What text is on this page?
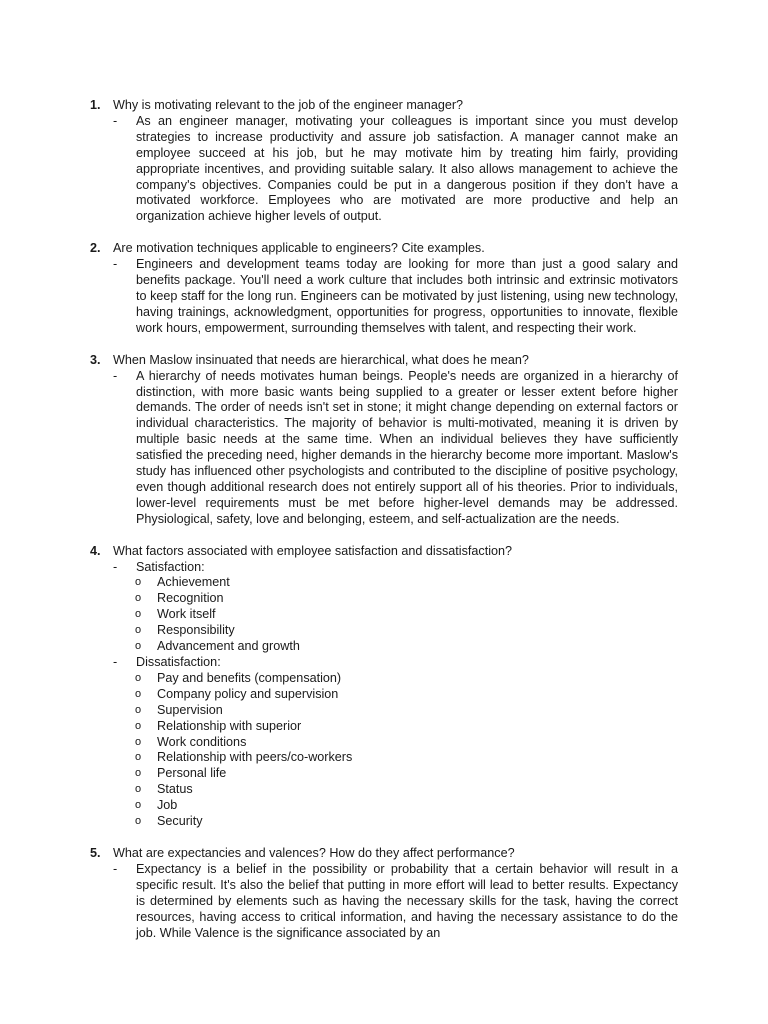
1. Why is motivating relevant to the job of the engineer manager?
- As an engineer manager, motivating your colleagues is important since you must develop strategies to increase productivity and assure job satisfaction. A manager cannot make an employee succeed at his job, but he may motivate him by treating him fairly, providing appropriate incentives, and providing suitable salary. It also allows management to achieve the company's objectives. Companies could be put in a dangerous position if they don't have a motivated workforce. Employees who are motivated are more productive and help an organization achieve higher levels of output.
2. Are motivation techniques applicable to engineers? Cite examples.
- Engineers and development teams today are looking for more than just a good salary and benefits package. You'll need a work culture that includes both intrinsic and extrinsic motivators to keep staff for the long run. Engineers can be motivated by just listening, using new technology, having trainings, acknowledgment, opportunities for progress, opportunities to innovate, flexible work hours, empowerment, surrounding themselves with talent, and respecting their work.
3. When Maslow insinuated that needs are hierarchical, what does he mean?
- A hierarchy of needs motivates human beings. People's needs are organized in a hierarchy of distinction, with more basic wants being supplied to a greater or lesser extent before higher demands. The order of needs isn't set in stone; it might change depending on external factors or individual characteristics. The majority of behavior is multi-motivated, meaning it is driven by multiple basic needs at the same time. When an individual believes they have sufficiently satisfied the preceding need, higher demands in the hierarchy become more important. Maslow's study has influenced other psychologists and contributed to the discipline of positive psychology, even though additional research does not entirely support all of his theories. Prior to individuals, lower-level requirements must be met before higher-level demands may be addressed. Physiological, safety, love and belonging, esteem, and self-actualization are the needs.
4. What factors associated with employee satisfaction and dissatisfaction?
- Satisfaction:
o Achievement
o Recognition
o Work itself
o Responsibility
o Advancement and growth
- Dissatisfaction:
o Pay and benefits (compensation)
o Company policy and supervision
o Supervision
o Relationship with superior
o Work conditions
o Relationship with peers/co-workers
o Personal life
o Status
o Job
o Security
5. What are expectancies and valences? How do they affect performance?
- Expectancy is a belief in the possibility or probability that a certain behavior will result in a specific result. It's also the belief that putting in more effort will lead to better results. Expectancy is determined by elements such as having the necessary skills for the task, having the correct resources, having access to critical information, and having the necessary assistance to do the job. While Valence is the significance associated by an
